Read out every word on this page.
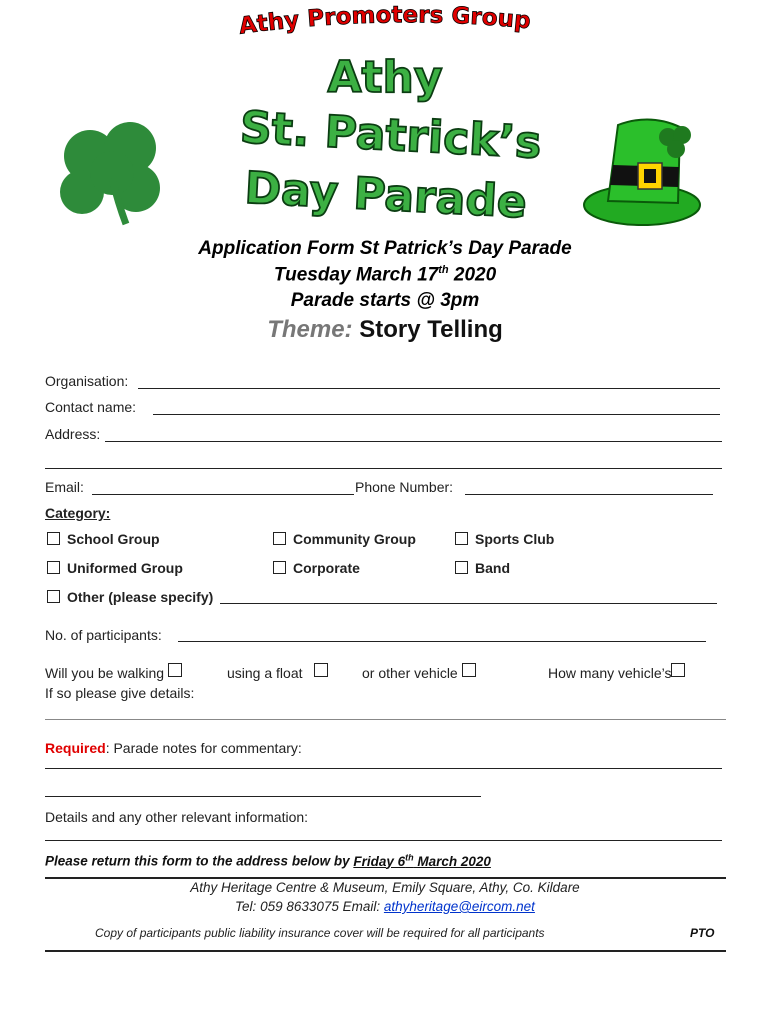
Athy Promoters Group
Athy
St. Patrick’s
Day Parade
Application Form St Patrick’s Day Parade
Tuesday March 17th 2020
Parade starts @ 3pm
Theme: Story Telling
Organisation:
Contact name:
Address:
Email:	Phone Number:
Category:
School Group	Community Group	Sports Club
Uniformed Group	Corporate	Band
Other (please specify)
No. of participants:
Will you be walking	using a float	or other vehicle	How many vehicle’s
If so please give details:
Required: Parade notes for commentary:
Details and any other relevant information:
Please return this form to the address below by Friday 6th March 2020
Athy Heritage Centre & Museum, Emily Square, Athy, Co. Kildare
Tel: 059 8633075 Email: athyheritage@eircom.net
Copy of participants public liability insurance cover will be required for all participants	PTO
